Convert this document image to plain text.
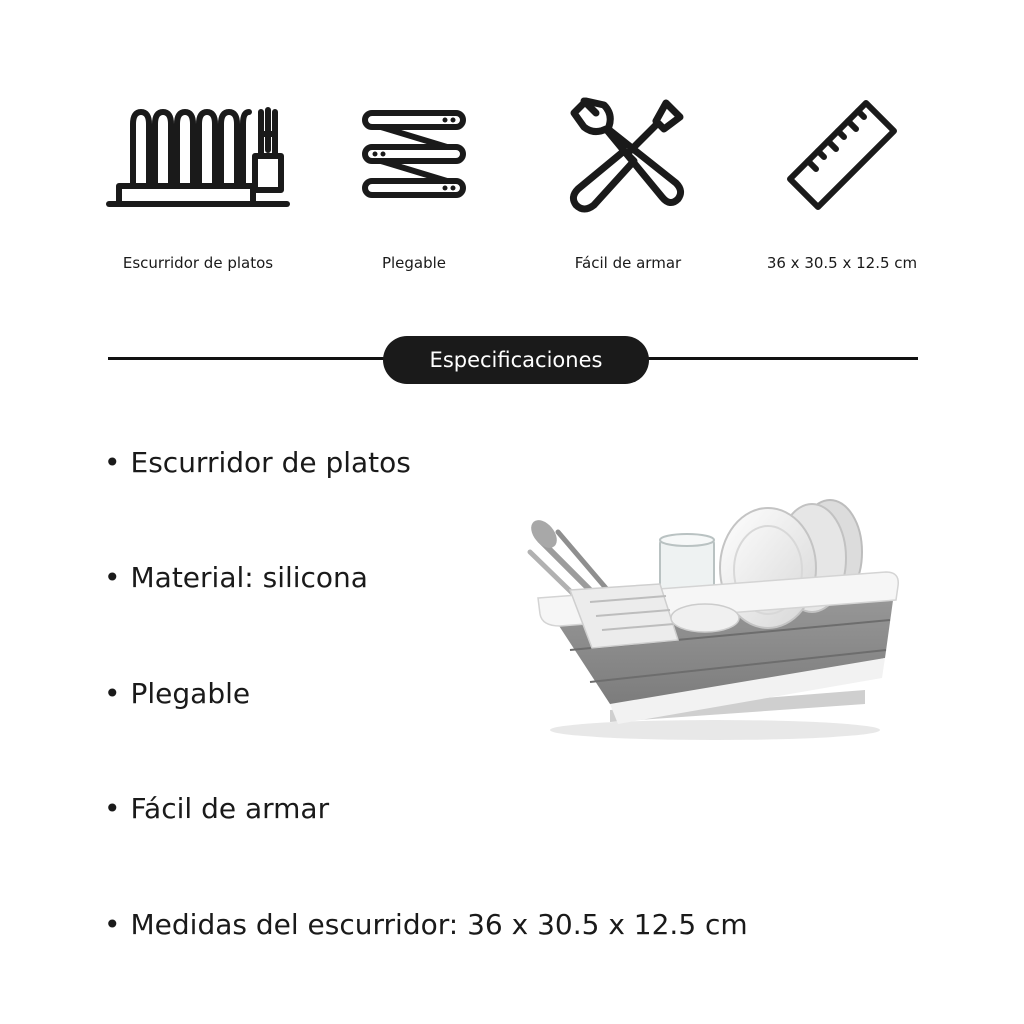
Escurridor de platos	Plegable	Fácil de armar	36 x 30.5 x 12.5 cm
Especificaciones
• Escurridor de platos
• Material: silicona
• Plegable
• Fácil de armar
• Medidas del escurridor: 36 x 30.5 x 12.5 cm
